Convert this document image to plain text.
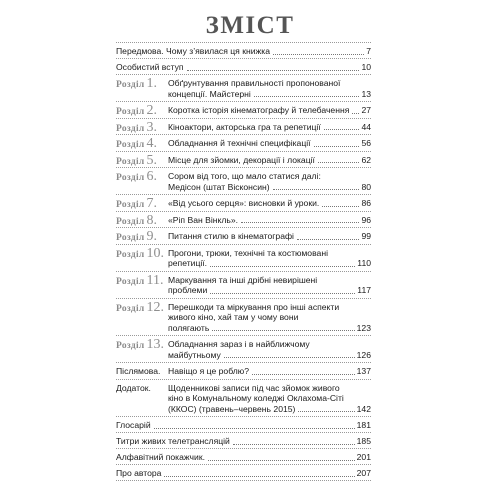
ЗМІСТ
Передмова. Чому з’явилася ця книжка	7
Особистий вступ	10
Розділ 1. Обґрунтування правильності пропонованої
концепції. Майстерні	13
Розділ 2. Коротка історія кінематографу й телебачення 27
Розділ 3. Кіноактори, акторська гра та репетиції	44
Розділ 4. Обладнання й технічні специфікації	56
Розділ 5. Місце для зйомки, декорації і локації	62
Розділ 6. Сором від того, що мало статися далі:
Медісон (штат Вісконсин)	80
Розділ 7. «Від усього серця»: висновки й уроки.	86
Розділ 8. «Ріп Ван Вінкль».	96
Розділ 9. Питання стилю в кінематографі	99
Розділ 10. Прогони, трюки, технічні та костюмовані
репетиції.	110
Розділ 11. Маркування та інші дрібні невирішені
проблеми	117
Розділ 12. Перешкоди та міркування про інші аспекти
живого кіно, хай там у чому вони
полягають	123
Розділ 13. Обладнання зараз і в найближчому
майбутньому	126
Післямова. Навіщо я це роблю?	137
Додаток. Щоденникові записи під час зйомок живого
кіно в Комунальному коледжі Оклахома-Сіті
(ККОС) (травень–червень 2015)	142
Глосарій	181
Титри живих телетрансляцій	185
Алфавітний покажчик.	201
Про автора	207
